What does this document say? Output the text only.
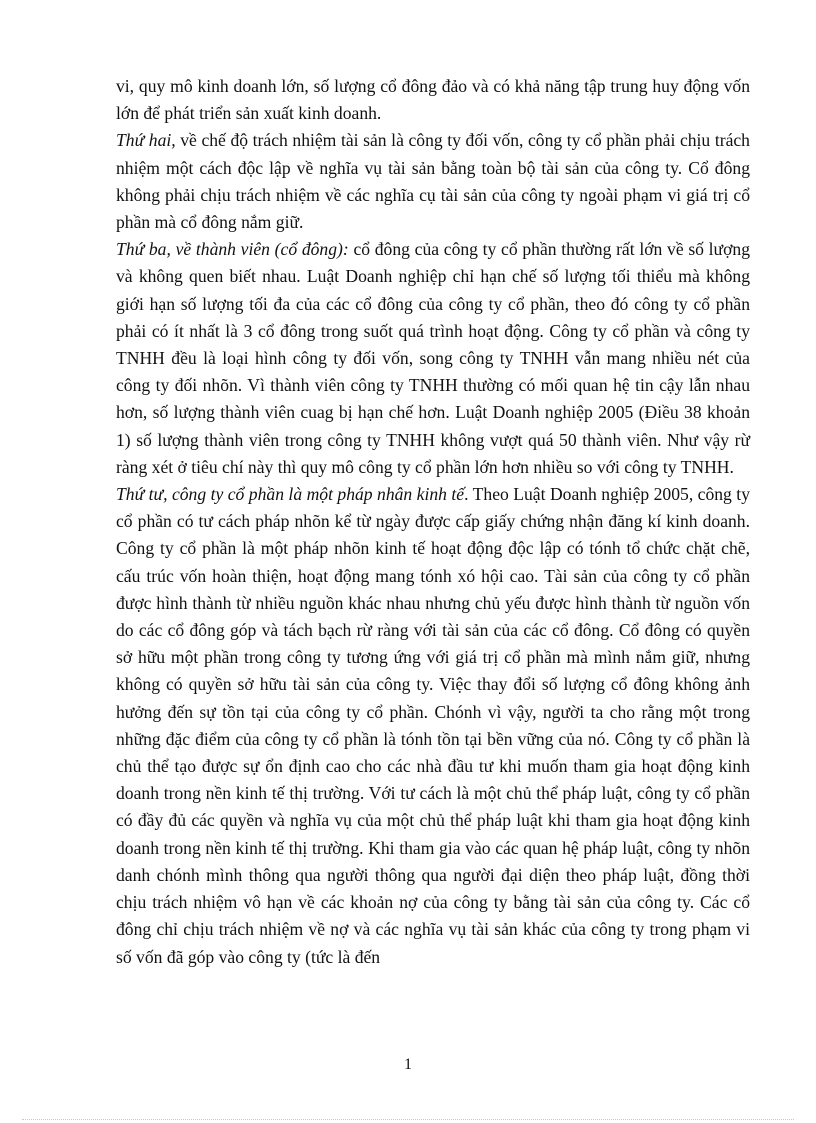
vi, quy mô kinh doanh lớn, số lượng cổ đông đảo và có khả năng tập trung huy động vốn lớn để phát triển sản xuất kinh doanh.

Thứ hai, về chế độ trách nhiệm tài sản là công ty đối vốn, công ty cổ phần phải chịu trách nhiệm một cách độc lập về nghĩa vụ tài sản bằng toàn bộ tài sản của công ty. Cổ đông không phải chịu trách nhiệm về các nghĩa cụ tài sản của công ty ngoài phạm vi giá trị cổ phần mà cổ đông nắm giữ.

Thứ ba, về thành viên (cổ đông): cổ đông của công ty cổ phần thường rất lớn về số lượng và không quen biết nhau. Luật Doanh nghiệp chỉ hạn chế số lượng tối thiểu mà không giới hạn số lượng tối đa của các cổ đông của công ty cổ phần, theo đó công ty cổ phần phải có ít nhất là 3 cổ đông trong suốt quá trình hoạt động. Công ty cổ phần và công ty TNHH đều là loại hình công ty đối vốn, song công ty TNHH vẫn mang nhiều nét của công ty đối nhõn. Vì thành viên công ty TNHH thường có mối quan hệ tin cậy lẫn nhau hơn, số lượng thành viên cuag bị hạn chế hơn. Luật Doanh nghiệp 2005 (Điều 38 khoản 1) số lượng thành viên trong công ty TNHH không vượt quá 50 thành viên. Như vậy rừ ràng xét ở tiêu chí này thì quy mô công ty cổ phần lớn hơn nhiều so với công ty TNHH.

Thứ tư, công ty cổ phần là một pháp nhân kinh tế. Theo Luật Doanh nghiệp 2005, công ty cổ phần có tư cách pháp nhõn kể từ ngày được cấp giấy chứng nhận đăng kí kinh doanh. Công ty cổ phần là một pháp nhõn kinh tế hoạt động độc lập có tónh tổ chức chặt chẽ, cấu trúc vốn hoàn thiện, hoạt động mang tónh xó hội cao. Tài sản của công ty cổ phần được hình thành từ nhiều nguồn khác nhau nhưng chủ yếu được hình thành từ nguồn vốn do các cổ đông góp và tách bạch rừ ràng với tài sản của các cổ đông. Cổ đông có quyền sở hữu một phần trong công ty tương ứng với giá trị cổ phần mà mình nắm giữ, nhưng không có quyền sở hữu tài sản của công ty. Việc thay đổi số lượng cổ đông không ảnh hưởng đến sự tồn tại của công ty cổ phần. Chónh vì vậy, người ta cho rằng một trong những đặc điểm của công ty cổ phần là tónh tồn tại bền vững của nó. Công ty cổ phần là chủ thể tạo được sự ổn định cao cho các nhà đầu tư khi muốn tham gia hoạt động kinh doanh trong nền kinh tế thị trường. Với tư cách là một chủ thể pháp luật, công ty cổ phần có đầy đủ các quyền và nghĩa vụ của một chủ thể pháp luật khi tham gia hoạt động kinh doanh trong nền kinh tế thị trường. Khi tham gia vào các quan hệ pháp luật, công ty nhõn danh chónh mình thông qua người thông qua người đại diện theo pháp luật, đồng thời chịu trách nhiệm vô hạn về các khoản nợ của công ty bằng tài sản của công ty. Các cổ đông chỉ chịu trách nhiệm về nợ và các nghĩa vụ tài sản khác của công ty trong phạm vi số vốn đã góp vào công ty (tức là đến

1
